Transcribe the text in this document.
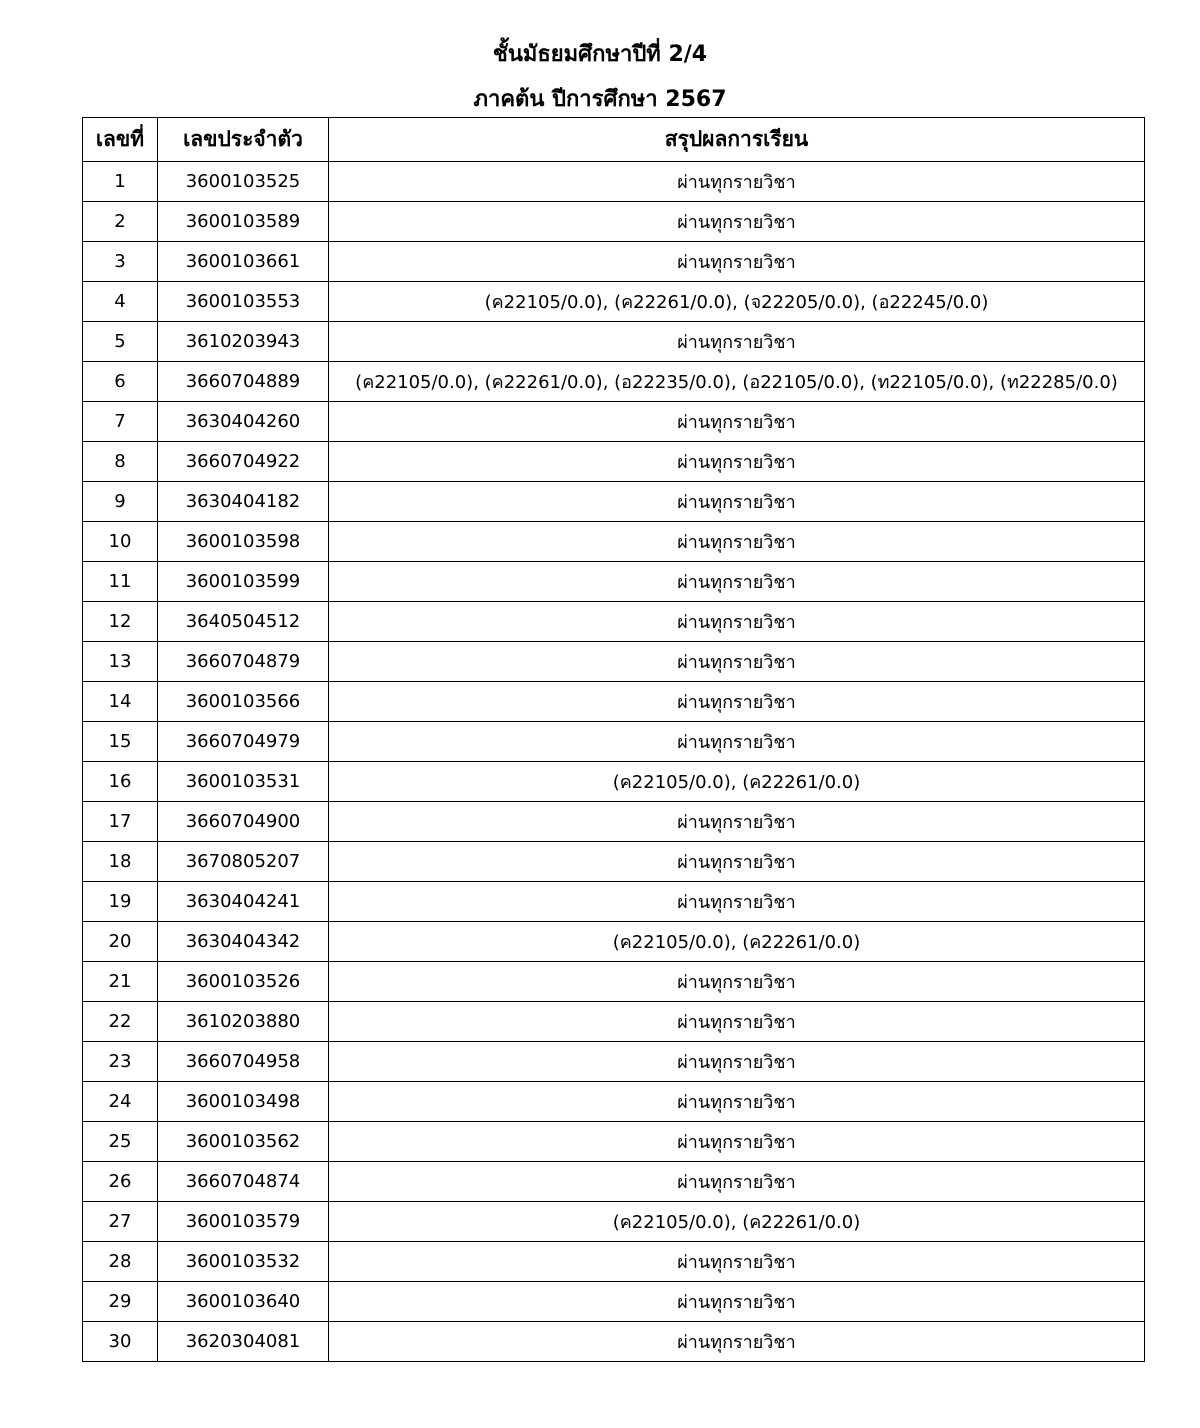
ชั้นมัธยมศึกษาปีที่ 2/4
ภาคต้น ปีการศึกษา 2567
เลขที่	เลขประจำตัว	สรุปผลการเรียน
1	3600103525	ผ่านทุกรายวิชา
2	3600103589	ผ่านทุกรายวิชา
3	3600103661	ผ่านทุกรายวิชา
4	3600103553	(ค22105/0.0), (ค22261/0.0), (จ22205/0.0), (อ22245/0.0)
5	3610203943	ผ่านทุกรายวิชา
6	3660704889	(ค22105/0.0), (ค22261/0.0), (อ22235/0.0), (อ22105/0.0), (ท22105/0.0), (ท22285/0.0)
7	3630404260	ผ่านทุกรายวิชา
8	3660704922	ผ่านทุกรายวิชา
9	3630404182	ผ่านทุกรายวิชา
10	3600103598	ผ่านทุกรายวิชา
11	3600103599	ผ่านทุกรายวิชา
12	3640504512	ผ่านทุกรายวิชา
13	3660704879	ผ่านทุกรายวิชา
14	3600103566	ผ่านทุกรายวิชา
15	3660704979	ผ่านทุกรายวิชา
16	3600103531	(ค22105/0.0), (ค22261/0.0)
17	3660704900	ผ่านทุกรายวิชา
18	3670805207	ผ่านทุกรายวิชา
19	3630404241	ผ่านทุกรายวิชา
20	3630404342	(ค22105/0.0), (ค22261/0.0)
21	3600103526	ผ่านทุกรายวิชา
22	3610203880	ผ่านทุกรายวิชา
23	3660704958	ผ่านทุกรายวิชา
24	3600103498	ผ่านทุกรายวิชา
25	3600103562	ผ่านทุกรายวิชา
26	3660704874	ผ่านทุกรายวิชา
27	3600103579	(ค22105/0.0), (ค22261/0.0)
28	3600103532	ผ่านทุกรายวิชา
29	3600103640	ผ่านทุกรายวิชา
30	3620304081	ผ่านทุกรายวิชา
